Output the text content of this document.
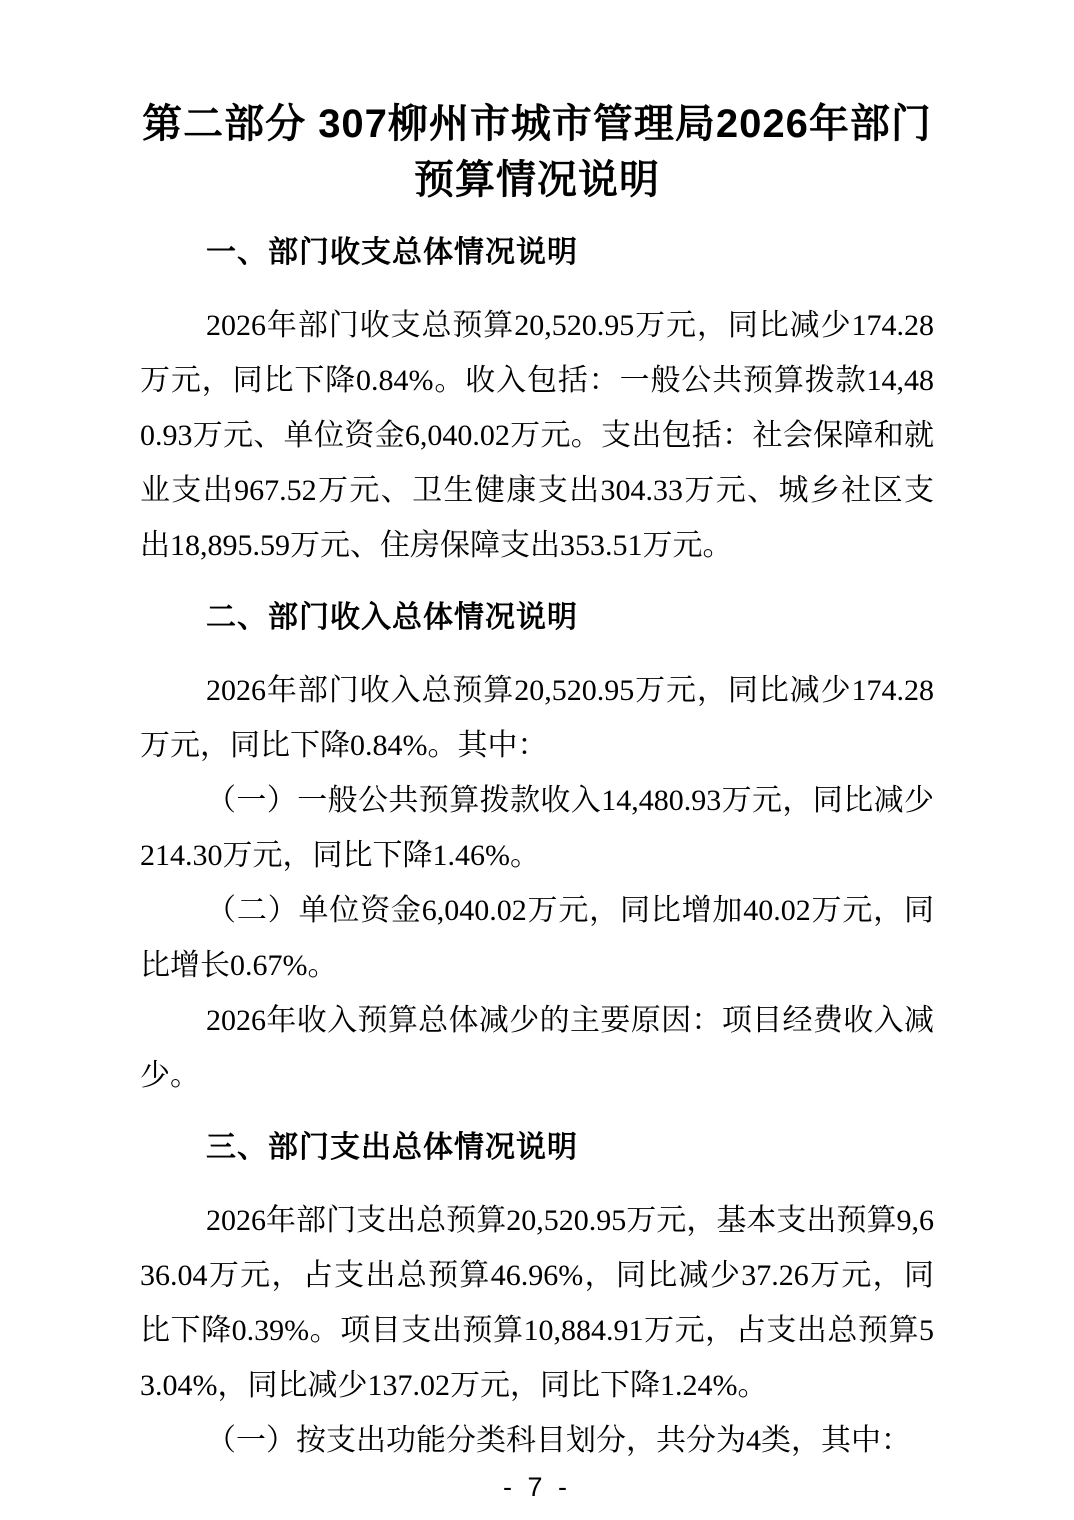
第二部分 307柳州市城市管理局2026年部门
预算情况说明
一、部门收支总体情况说明

2026年部门收支总预算20,520.95万元，同比减少174.28万元，同比下降0.84%。收入包括：一般公共预算拨款14,480.93万元、单位资金6,040.02万元。支出包括：社会保障和就业支出967.52万元、卫生健康支出304.33万元、城乡社区支出18,895.59万元、住房保障支出353.51万元。

二、部门收入总体情况说明

2026年部门收入总预算20,520.95万元，同比减少174.28万元，同比下降0.84%。其中：

（一）一般公共预算拨款收入14,480.93万元，同比减少214.30万元，同比下降1.46%。

（二）单位资金6,040.02万元，同比增加40.02万元，同比增长0.67%。

2026年收入预算总体减少的主要原因：项目经费收入减少。

三、部门支出总体情况说明

2026年部门支出总预算20,520.95万元，基本支出预算9,636.04万元，占支出总预算46.96%，同比减少37.26万元，同比下降0.39%。项目支出预算10,884.91万元，占支出总预算53.04%，同比减少137.02万元，同比下降1.24%。

（一）按支出功能分类科目划分，共分为4类，其中：

- 7 -
